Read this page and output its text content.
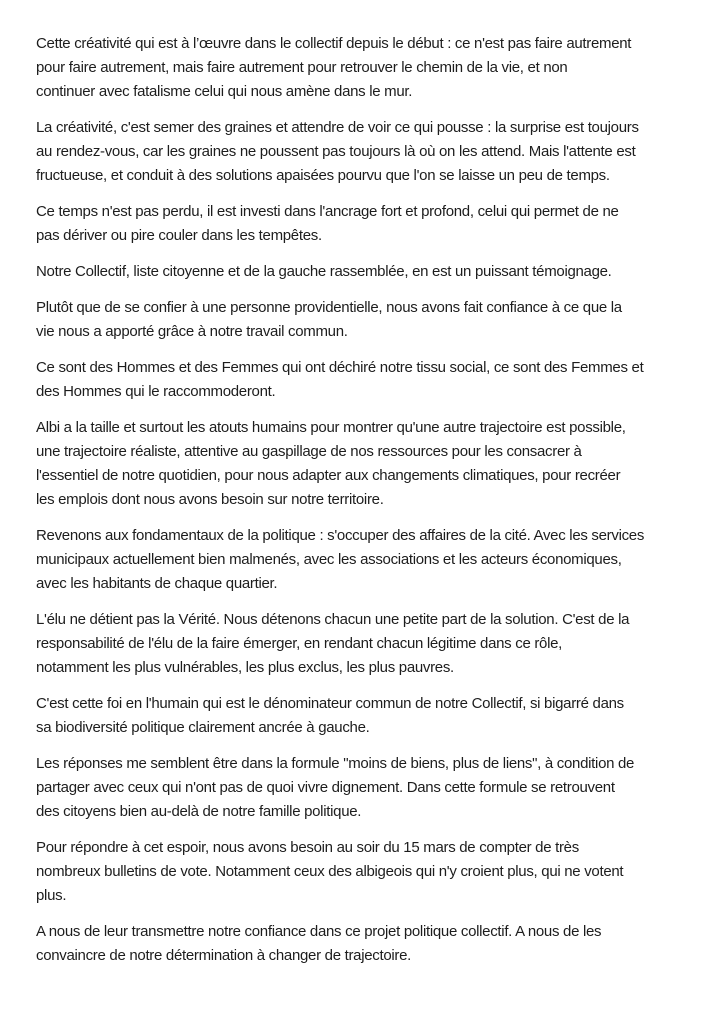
Cette créativité qui est à l’œuvre dans le collectif depuis le début : ce n'est pas faire autrement
pour faire autrement, mais faire autrement pour retrouver le chemin de la vie, et non
continuer avec fatalisme celui qui nous amène dans le mur.

La créativité, c'est semer des graines et attendre de voir ce qui pousse : la surprise est toujours
au rendez-vous, car les graines ne poussent pas toujours là où on les attend. Mais l'attente est
fructueuse, et conduit à des solutions apaisées pourvu que l'on se laisse un peu de temps.

Ce temps n'est pas perdu, il est investi dans l'ancrage fort et profond, celui qui permet de ne
pas dériver ou pire couler dans les tempêtes.

Notre Collectif, liste citoyenne et de la gauche rassemblée, en est un puissant témoignage.

Plutôt que de se confier à une personne providentielle, nous avons fait confiance à ce que la
vie nous a apporté grâce à notre travail commun.

Ce sont des Hommes et des Femmes qui ont déchiré notre tissu social, ce sont des Femmes et
des Hommes qui le raccommoderont.

Albi a la taille et surtout les atouts humains pour montrer qu'une autre trajectoire est possible,
une trajectoire réaliste, attentive au gaspillage de nos ressources pour les consacrer à
l'essentiel de notre quotidien, pour nous adapter aux changements climatiques, pour recréer
les emplois dont nous avons besoin sur notre territoire.

Revenons aux fondamentaux de la politique : s'occuper des affaires de la cité. Avec les services
municipaux actuellement bien malmenés, avec les associations et les acteurs économiques,
avec les habitants de chaque quartier.

L'élu ne détient pas la Vérité. Nous détenons chacun une petite part de la solution. C'est de la
responsabilité de l'élu de la faire émerger, en rendant chacun légitime dans ce rôle,
notamment les plus vulnérables, les plus exclus, les plus pauvres.

C'est cette foi en l'humain qui est le dénominateur commun de notre Collectif, si bigarré dans
sa biodiversité politique clairement ancrée à gauche.

Les réponses me semblent être dans la formule "moins de biens, plus de liens", à condition de
partager avec ceux qui n'ont pas de quoi vivre dignement. Dans cette formule se retrouvent
des citoyens bien au-delà de notre famille politique.

Pour répondre à cet espoir, nous avons besoin au soir du 15 mars de compter de très
nombreux bulletins de vote. Notamment ceux des albigeois qui n'y croient plus, qui ne votent
plus.

A nous de leur transmettre notre confiance dans ce projet politique collectif. A nous de les
convaincre de notre détermination à changer de trajectoire.
